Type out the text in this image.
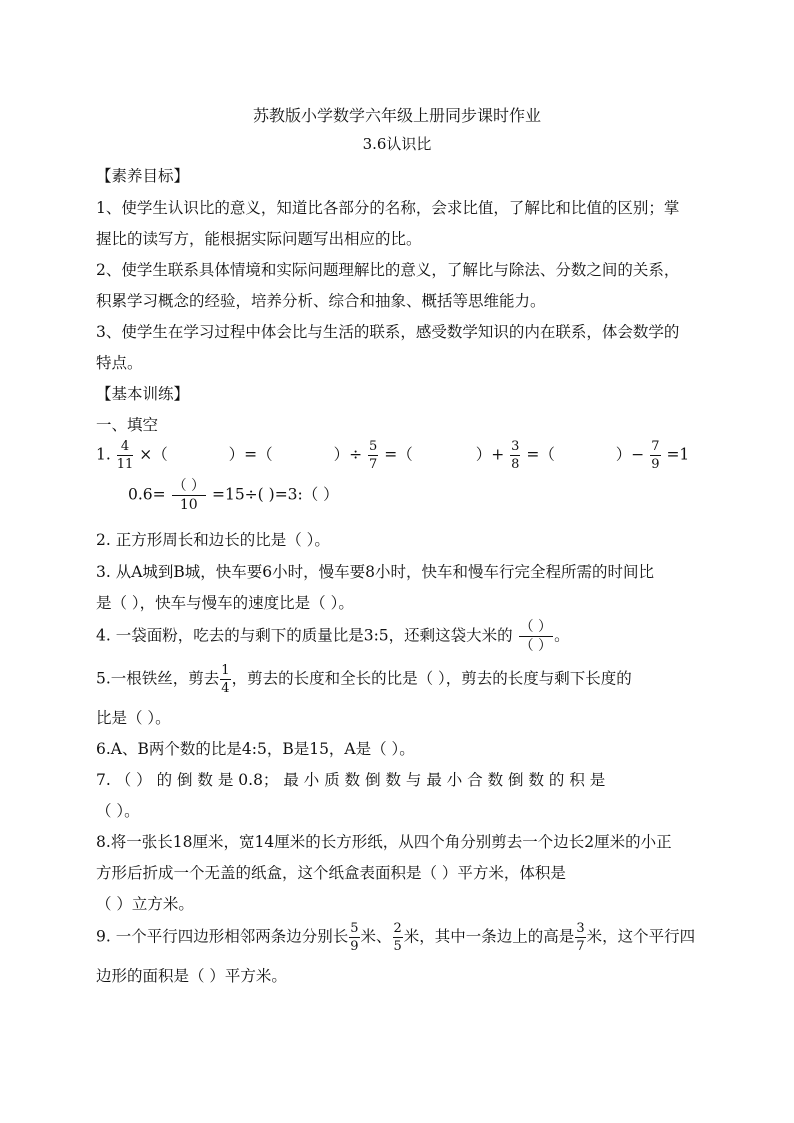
苏教版小学数学六年级上册同步课时作业
3.6认识比
【素养目标】
1、使学生认识比的意义，知道比各部分的名称，会求比值，了解比和比值的区别；掌
握比的读写方，能根据实际问题写出相应的比。
2、使学生联系具体情境和实际问题理解比的意义，了解比与除法、分数之间的关系，
积累学习概念的经验，培养分析、综合和抽象、概括等思维能力。
3、使学生在学习过程中体会比与生活的联系，感受数学知识的内在联系，体会数学的
特点。
【基本训练】
一、填空
1. $\frac{4}{11}$ ×（	）=（	）÷ $\frac{5}{7}$ =（	）+ $\frac{3}{8}$ =（	）− $\frac{7}{9} =1$
$0.6= \frac{( )}{10} =15\div$( )=3:（ ）
2. 正方形周长和边长的比是（ ）。
3. 从A城到B城，快车要6小时，慢车要8小时，快车和慢车行完全程所需的时间比
是（ ），快车与慢车的速度比是（ ）。
4. 一袋面粉，吃去的与剩下的质量比是3:5，还剩这袋大米的 $\frac{( )}{( )}$ 。
5.一根铁丝，剪去 $\frac{1}{4}$ ，剪去的长度和全长的比是（ ），剪去的长度与剩下长度的
比是（ ）。
6.A、B两个数的比是4:5，B是15，A是（ ）。
7. （ ） 的 倒 数 是 0.8； 最 小 质 数 倒 数 与 最 小 合 数 倒 数 的 积 是
（ ）。
8.将一张长18厘米，宽14厘米的长方形纸，从四个角分别剪去一个边长2厘米的小正
方形后折成一个无盖的纸盒，这个纸盒表面积是（ ）平方米，体积是
（ ）立方米。
9. 一个平行四边形相邻两条边分别长 $\frac{5}{9}$ 米、 $\frac{2}{5}$ 米，其中一条边上的高是 $\frac{3}{7}$ 米，这个平行四
边形的面积是（ ）平方米。
